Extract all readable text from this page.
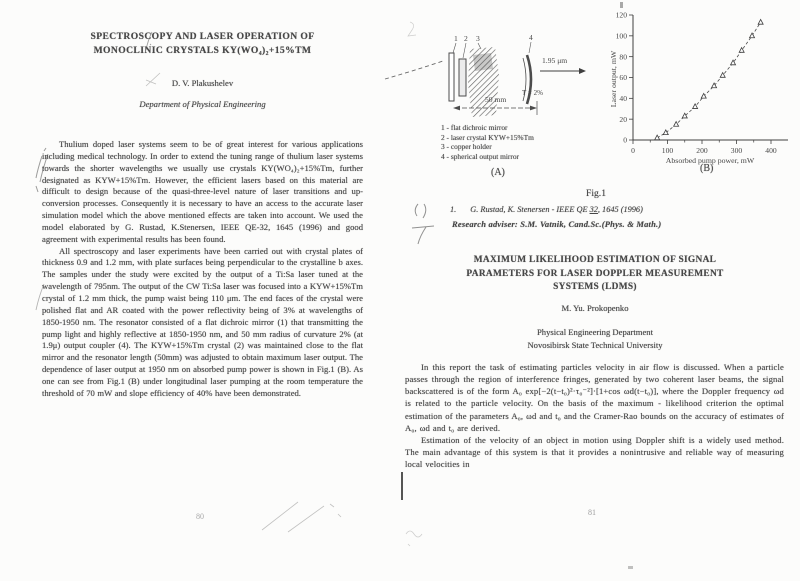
SPECTROSCOPY AND LASER OPERATION OF
MONOCLINIC CRYSTALS KY(WO₄)₂+15%TM
D. V. Plakushelev
Department of Physical Engineering

Thulium doped laser systems seem to be of great interest for various applications including medical technology. In order to extend the tuning range of thulium laser systems towards the shorter wavelengths we usually use crystals KY(WO₄)₂+15%Tm, further designated as KYW+15%Tm. However, the efficient lasers based on this material are difficult to design because of the quasi-three-level nature of laser transitions and up-conversion processes. Consequently it is necessary to have an access to the accurate laser simulation model which the above mentioned effects are taken into account. We used the model elaborated by G. Rustad, K.Stenersen, IEEE QE-32, 1645 (1996) and good agreement with experimental results has been found.

All spectroscopy and laser experiments have been carried out with crystal plates of thickness 0.9 and 1.2 mm, with plate surfaces being perpendicular to the crystalline b axes. The samples under the study were excited by the output of a Ti:Sa laser tuned at the wavelength of 795nm. The output of the CW Ti:Sa laser was focused into a KYW+15%Tm crystal of 1.2 mm thick, the pump waist being 110 μm. The end faces of the crystal were polished flat and AR coated with the power reflectivity being of 3% at wavelengths of 1850-1950 nm. The resonator consisted of a flat dichroic mirror (1) that transmitting the pump light and highly reflective at 1850-1950 nm, and 50 mm radius of curvature 2% (at 1.9μ) output coupler (4). The KYW+15%Tm crystal (2) was maintained close to the flat mirror and the resonator length (50mm) was adjusted to obtain maximum laser output. The dependence of laser output at 1950 nm on absorbed pump power is shown in Fig.1 (B). As one can see from Fig.1 (B) under longitudinal laser pumping at the room temperature the threshold of 70 mW and slope efficiency of 40% have been demonstrated.

80
1 2 3	4
1.95 μm
T = 2%
50 mm
0
20
40
60
80
100
120
0	100	200	300	400
Absorbed pump power, mW
Laser output, mW
1 - flat dichroic mirror
2 - laser crystal KYW+15%Tm
3 - copper holder
4 - spherical output mirror
(A)	(B)
Fig.1
1. G. Rustad, K. Stenersen - IEEE QE 32, 1645 (1996)
Research adviser: S.M. Vatnik, Cand.Sc.(Phys. & Math.)
MAXIMUM LIKELIHOOD ESTIMATION OF SIGNAL
PARAMETERS FOR LASER DOPPLER MEASUREMENT
SYSTEMS (LDMS)
M. Yu. Prokopenko
Physical Engineering Department
Novosibirsk State Technical University

In this report the task of estimating particles velocity in air flow is discussed. When a particle passes through the region of interference fringes, generated by two coherent laser beams, the signal backscattered is of the form A₀ exp[−2(t−t₀)²·τ₀⁻²]·[1+cos ωd(t−t₀)], where the Doppler frequency ωd is related to the particle velocity. On the basis of the maximum - likelihood criterion the optimal estimation of the parameters A₀, ωd and t₀ and the Cramer-Rao bounds on the accuracy of estimates of A₀, ωd and t₀ are derived.

Estimation of the velocity of an object in motion using Doppler shift is a widely used method. The main advantage of this system is that it provides a nonintrusive and reliable way of measuring local velocities in

81
